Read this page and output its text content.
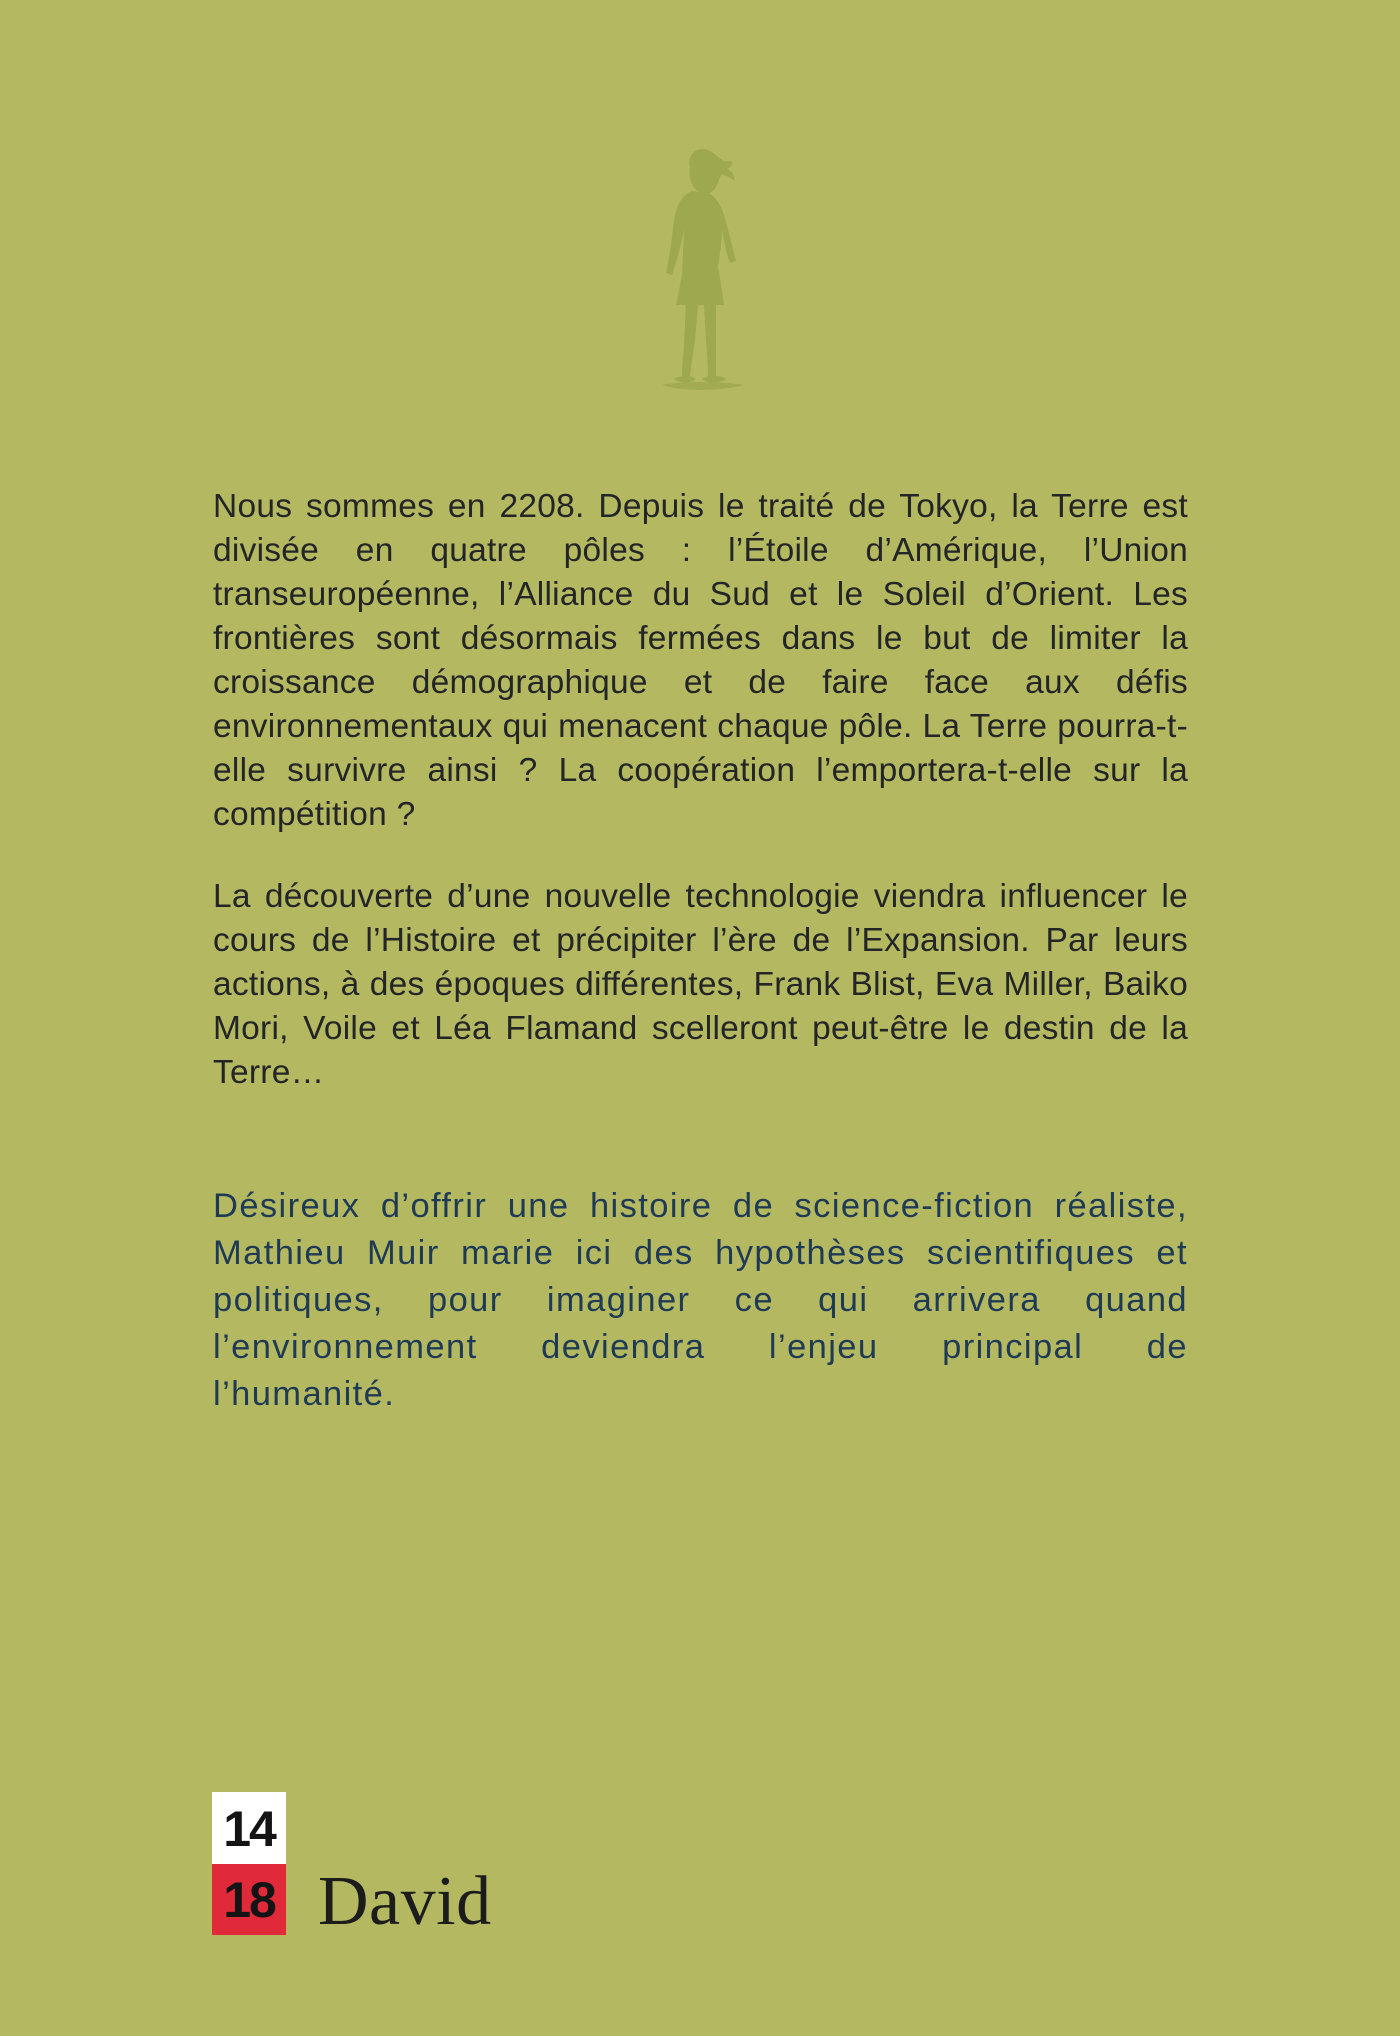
Nous sommes en 2208. Depuis le traité de Tokyo, la Terre est divisée en quatre pôles : l’Étoile d’Amérique, l’Union transeuropéenne, l’Alliance du Sud et le Soleil d’Orient. Les frontières sont désormais fermées dans le but de limiter la croissance démographique et de faire face aux défis environnementaux qui menacent chaque pôle. La Terre pourra-t-elle survivre ainsi ? La coopération l’emportera-t-elle sur la compétition ?

La découverte d’une nouvelle technologie viendra influencer le cours de l’Histoire et précipiter l’ère de l’Expansion. Par leurs actions, à des époques différentes, Frank Blist, Eva Miller, Baiko Mori, Voile et Léa Flamand scelleront peut-être le destin de la Terre…

Désireux d’offrir une histoire de science-fiction réaliste, Mathieu Muir marie ici des hypothèses scientifiques et politiques, pour imaginer ce qui arrivera quand l’environnement deviendra l’enjeu principal de l’humanité.

14
18 David
